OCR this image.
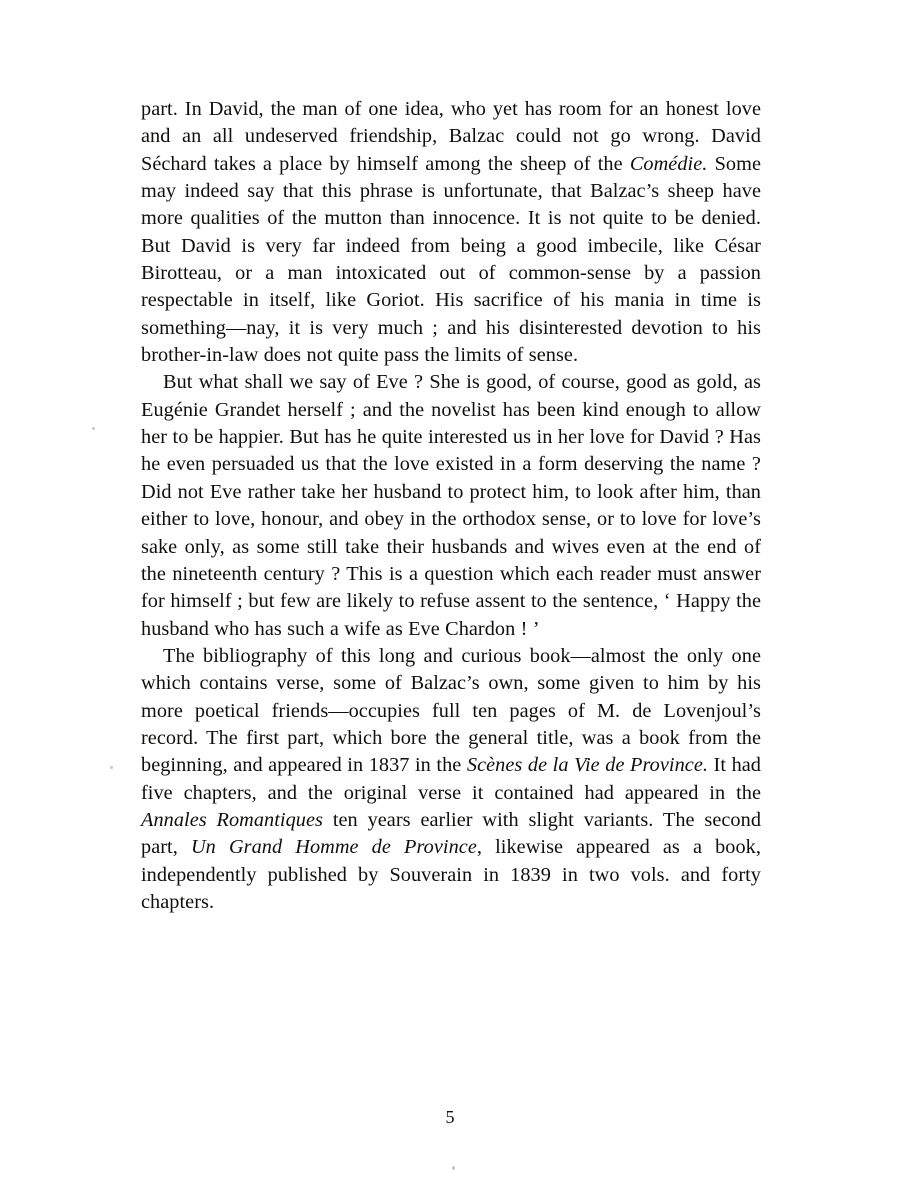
part. In David, the man of one idea, who yet has room for an honest love and an all undeserved friendship, Balzac could not go wrong. David Séchard takes a place by himself among the sheep of the Comédie. Some may indeed say that this phrase is unfortunate, that Balzac’s sheep have more qualities of the mutton than innocence. It is not quite to be denied. But David is very far indeed from being a good imbecile, like César Birotteau, or a man intoxicated out of common-sense by a passion respectable in itself, like Goriot. His sacrifice of his mania in time is something—nay, it is very much ; and his disinterested devotion to his brother-in-law does not quite pass the limits of sense.

But what shall we say of Eve ? She is good, of course, good as gold, as Eugénie Grandet herself ; and the novelist has been kind enough to allow her to be happier. But has he quite interested us in her love for David ? Has he even persuaded us that the love existed in a form deserving the name ? Did not Eve rather take her husband to protect him, to look after him, than either to love, honour, and obey in the orthodox sense, or to love for love’s sake only, as some still take their husbands and wives even at the end of the nineteenth century ? This is a question which each reader must answer for himself ; but few are likely to refuse assent to the sentence, ‘ Happy the husband who has such a wife as Eve Chardon ! ’

The bibliography of this long and curious book—almost the only one which contains verse, some of Balzac’s own, some given to him by his more poetical friends—occupies full ten pages of M. de Lovenjoul’s record. The first part, which bore the general title, was a book from the beginning, and appeared in 1837 in the Scènes de la Vie de Province. It had five chapters, and the original verse it contained had appeared in the Annales Romantiques ten years earlier with slight variants. The second part, Un Grand Homme de Province, likewise appeared as a book, independently published by Souverain in 1839 in two vols. and forty chapters.

5
